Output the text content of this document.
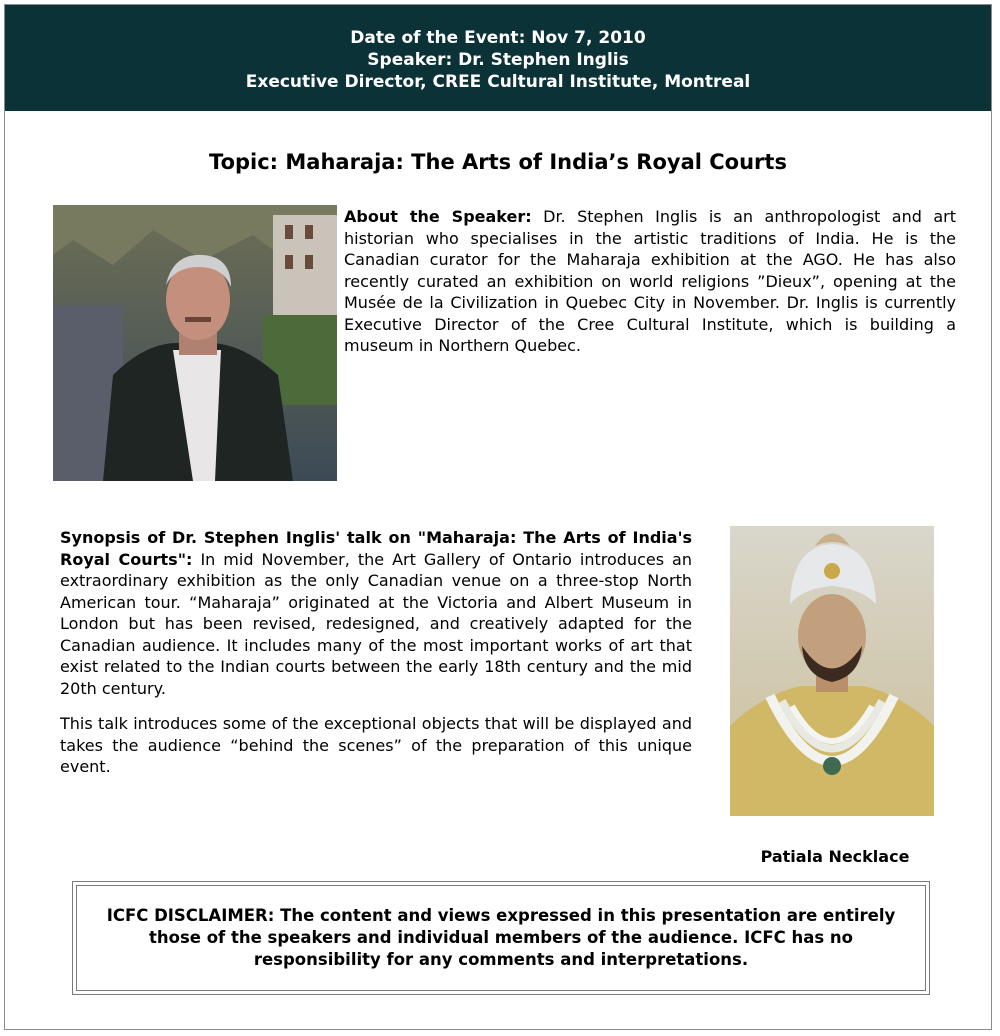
Date of the Event: Nov 7, 2010
Speaker: Dr. Stephen Inglis
Executive Director, CREE Cultural Institute, Montreal
Topic: Maharaja: The Arts of India’s Royal Courts
About the Speaker: Dr. Stephen Inglis is an anthropologist and art historian who specialises in the artistic traditions of India. He is the Canadian curator for the Maharaja exhibition at the AGO. He has also recently curated an exhibition on world religions ”Dieux”, opening at the Musée de la Civilization in Quebec City in November. Dr. Inglis is currently Executive Director of the Cree Cultural Institute, which is building a museum in Northern Quebec.

Synopsis of Dr. Stephen Inglis' talk on "Maharaja: The Arts of India's Royal Courts": In mid November, the Art Gallery of Ontario introduces an extraordinary exhibition as the only Canadian venue on a three-stop North American tour. “Maharaja” originated at the Victoria and Albert Museum in London but has been revised, redesigned, and creatively adapted for the Canadian audience. It includes many of the most important works of art that exist related to the Indian courts between the early 18th century and the mid 20th century.

This talk introduces some of the exceptional objects that will be displayed and takes the audience “behind the scenes” of the preparation of this unique event.

Patiala Necklace
ICFC DISCLAIMER: The content and views expressed in this presentation are entirely those of the speakers and individual members of the audience. ICFC has no responsibility for any comments and interpretations.
